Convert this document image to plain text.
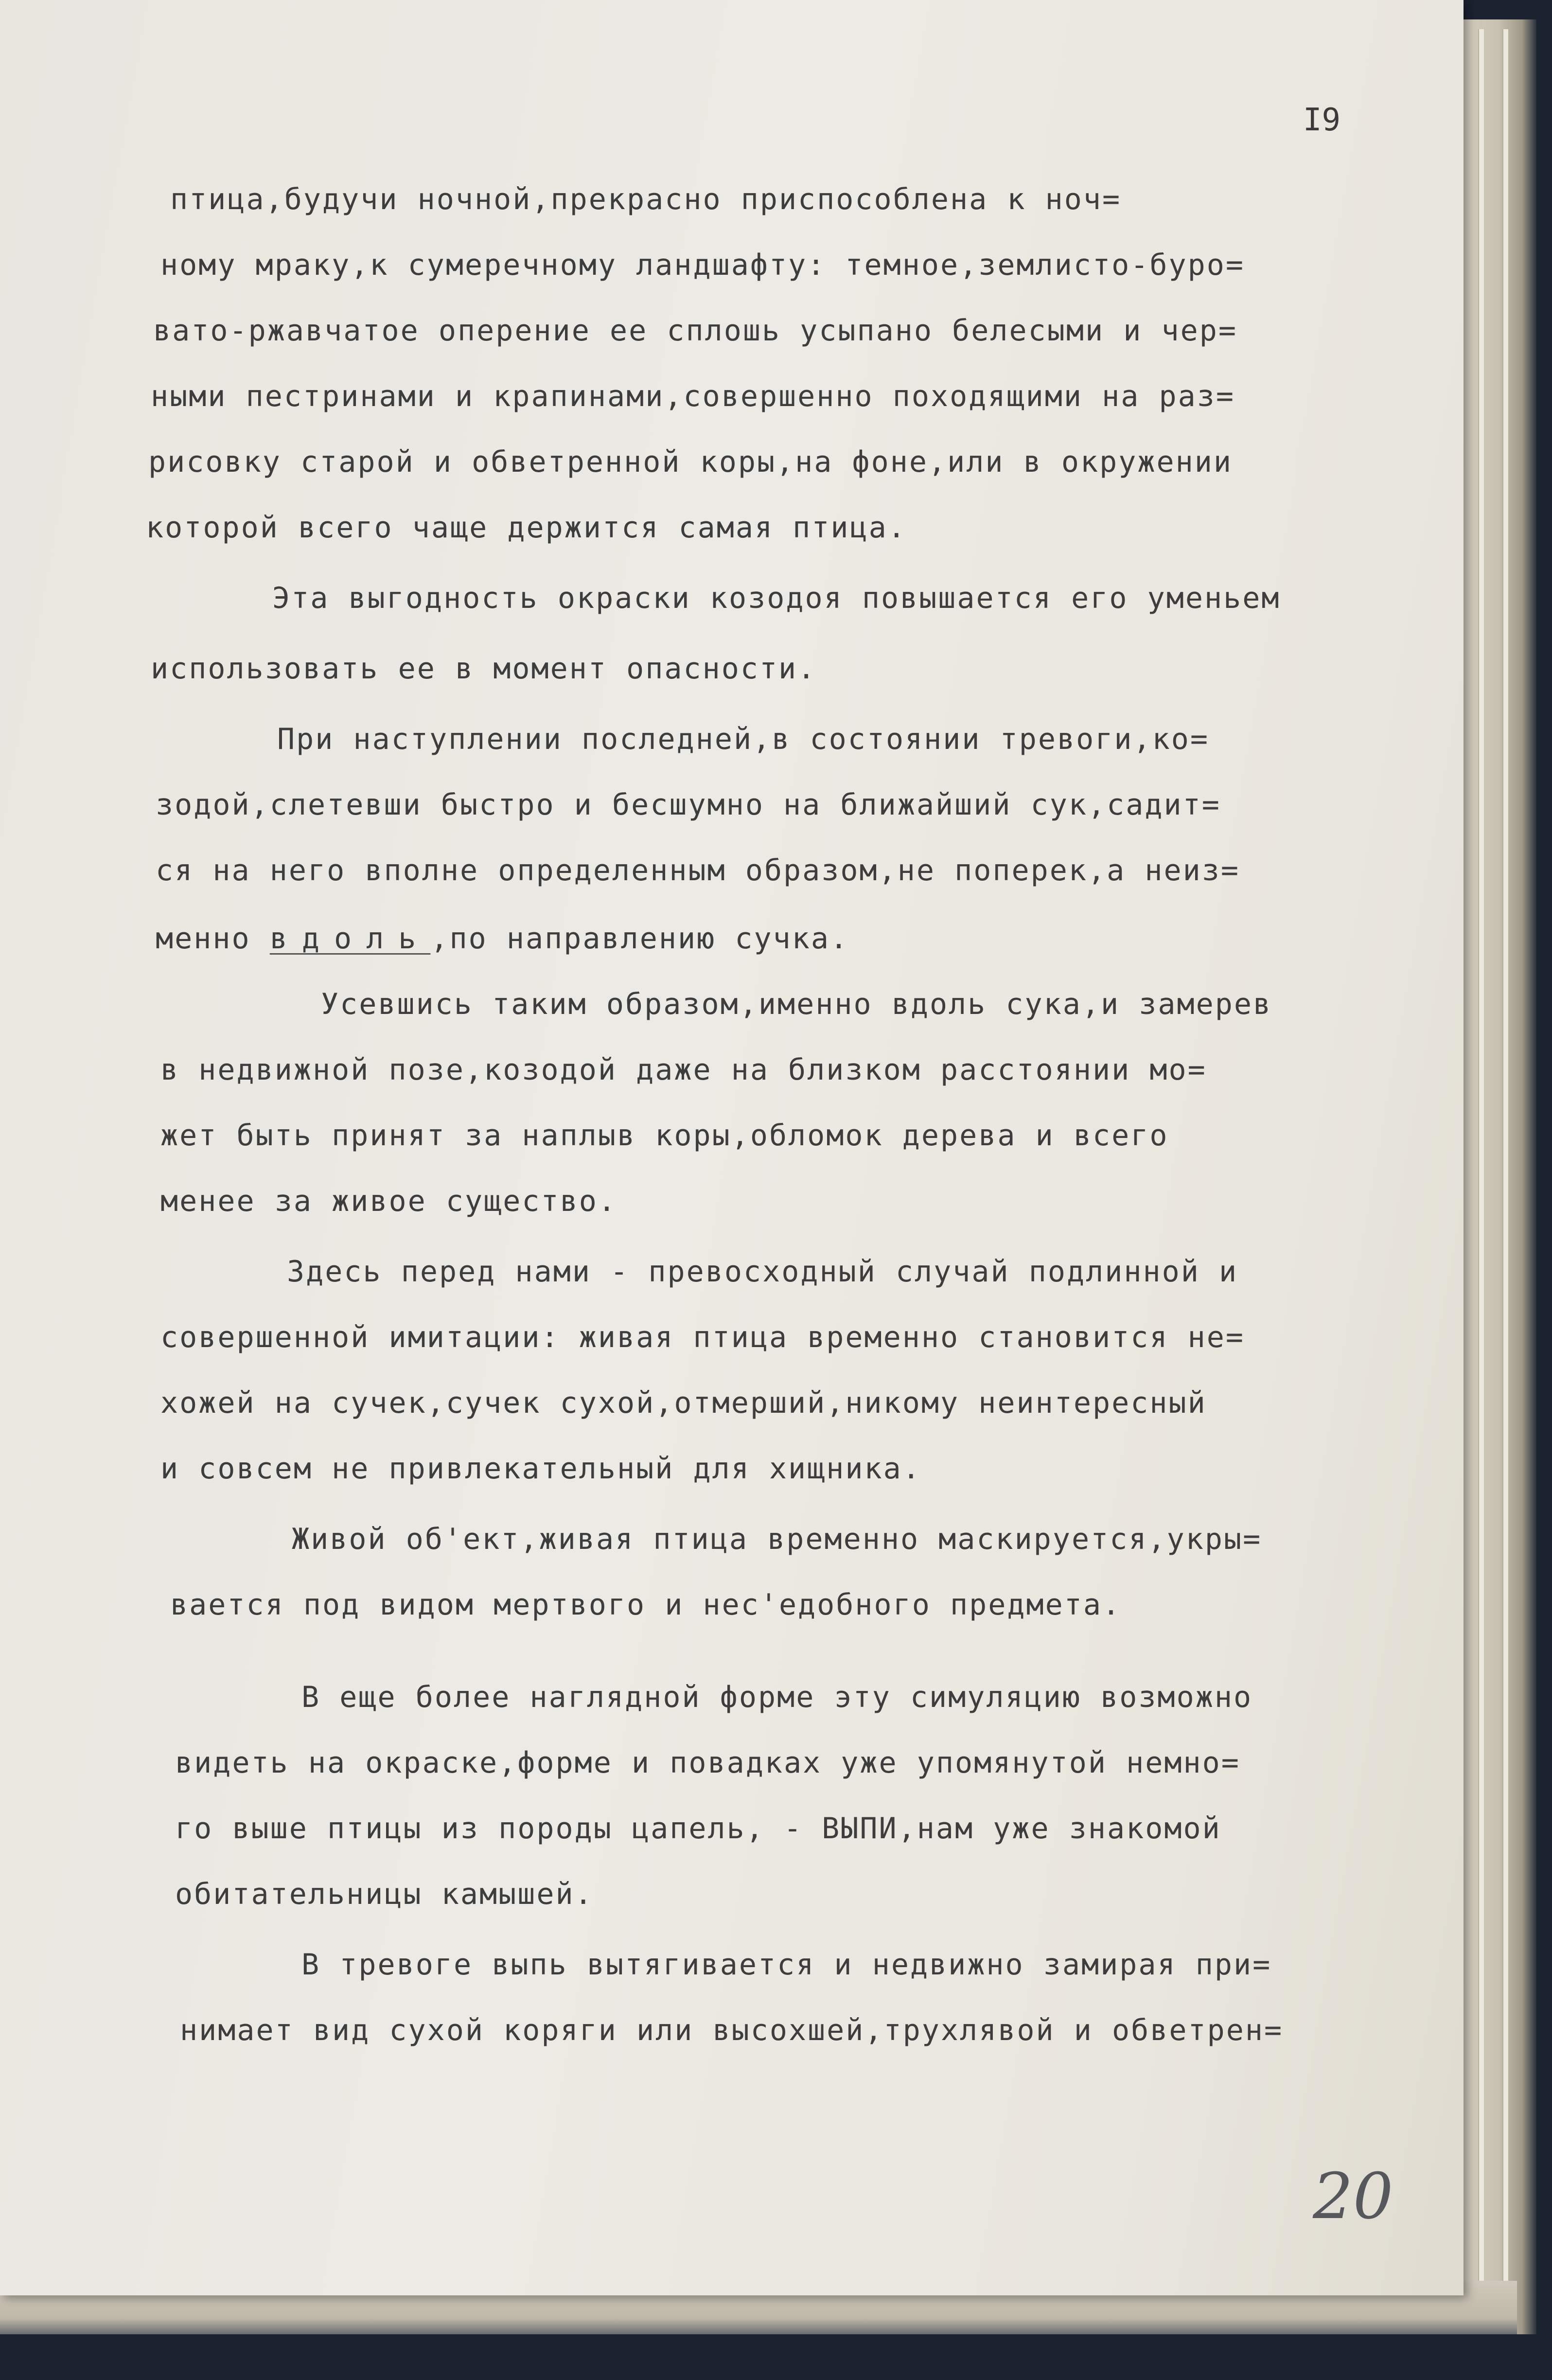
I9
птица,будучи ночной,прекрасно приспособлена к ноч=
ному мраку,к сумеречному ландшафту: темное,землисто-буро=
вато-ржавчатое оперение ее сплошь усыпано белесыми и чер=
ными пестринами и крапинами,совершенно походящими на раз=
рисовку старой и обветренной коры,на фоне,или в окружении
которой всего чаще держится самая птица.
Эта выгодность окраски козодоя повышается его уменьем
использовать ее в момент опасности.
При наступлении последней,в состоянии тревоги,ко=
зодой,слетевши быстро и бесшумно на ближайший сук,садит=
ся на него вполне определенным образом,не поперек,а неиз=
менно вдоль,по направлению сучка.
Усевшись таким образом,именно вдоль сука,и замерев
в недвижной позе,козодой даже на близком расстоянии мо=
жет быть принят за наплыв коры,обломок дерева и всего
менее за живое существо.
Здесь перед нами - превосходный случай подлинной и
совершенной имитации: живая птица временно становится не=
хожей на сучек,сучек сухой,отмерший,никому неинтересный
и совсем не привлекательный для хищника.
Живой об'ект,живая птица временно маскируется,укры=
вается под видом мертвого и нес'едобного предмета.
В еще более наглядной форме эту симуляцию возможно
видеть на окраске,форме и повадках уже упомянутой немно=
го выше птицы из породы цапель, - ВЫПИ,нам уже знакомой
обитательницы камышей.
В тревоге выпь вытягивается и недвижно замирая при=
нимает вид сухой коряги или высохшей,трухлявой и обветрен=
20
